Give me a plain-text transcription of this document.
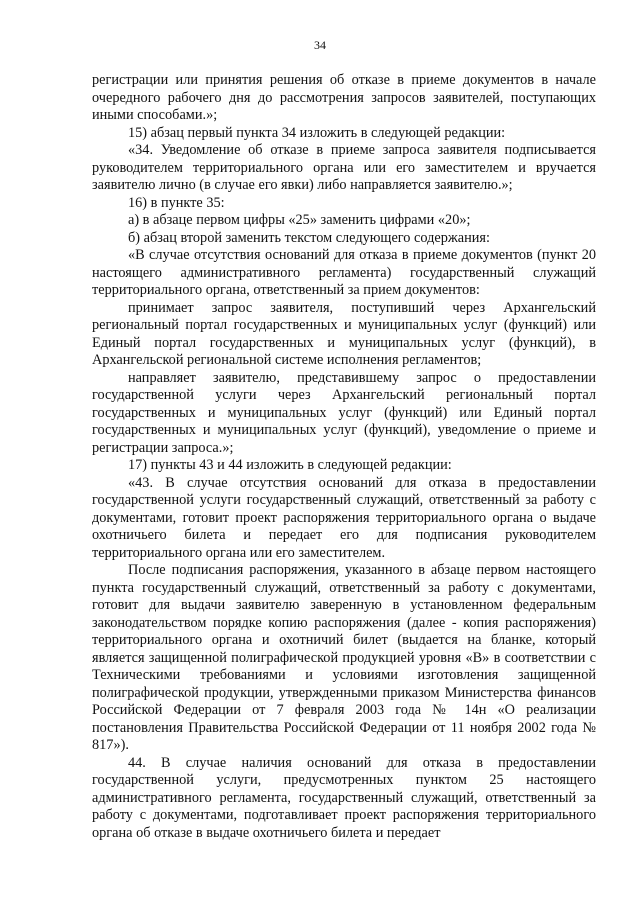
34

регистрации или принятия решения об отказе в приеме документов в начале очередного рабочего дня до рассмотрения запросов заявителей, поступающих иными способами.»;

15) абзац первый пункта 34 изложить в следующей редакции:

«34. Уведомление об отказе в приеме запроса заявителя подписывается руководителем территориального органа или его заместителем и вручается заявителю лично (в случае его явки) либо направляется заявителю.»;

16) в пункте 35:

а) в абзаце первом цифры «25» заменить цифрами «20»;

б) абзац второй заменить текстом следующего содержания:

«В случае отсутствия оснований для отказа в приеме документов (пункт 20 настоящего административного регламента) государственный служащий территориального органа, ответственный за прием документов:

принимает запрос заявителя, поступивший через Архангельский региональный портал государственных и муниципальных услуг (функций) или Единый портал государственных и муниципальных услуг (функций), в Архангельской региональной системе исполнения регламентов;

направляет заявителю, представившему запрос о предоставлении государственной услуги через Архангельский региональный портал государственных и муниципальных услуг (функций) или Единый портал государственных и муниципальных услуг (функций), уведомление о приеме и регистрации запроса.»;

17) пункты 43 и 44 изложить в следующей редакции:

«43. В случае отсутствия оснований для отказа в предоставлении государственной услуги государственный служащий, ответственный за работу с документами, готовит проект распоряжения территориального органа о выдаче охотничьего билета и передает его для подписания руководителем территориального органа или его заместителем.

После подписания распоряжения, указанного в абзаце первом настоящего пункта государственный служащий, ответственный за работу с документами, готовит для выдачи заявителю заверенную в установленном федеральным законодательством порядке копию распоряжения (далее - копия распоряжения) территориального органа и охотничий билет (выдается на бланке, который является защищенной полиграфической продукцией уровня «В» в соответствии с Техническими требованиями и условиями изготовления защищенной полиграфической продукции, утвержденными приказом Министерства финансов Российской Федерации от 7 февраля 2003 года № 14н «О реализации постановления Правительства Российской Федерации от 11 ноября 2002 года № 817»).

44. В случае наличия оснований для отказа в предоставлении государственной услуги, предусмотренных пунктом 25 настоящего административного регламента, государственный служащий, ответственный за работу с документами, подготавливает проект распоряжения территориального органа об отказе в выдаче охотничьего билета и передает
